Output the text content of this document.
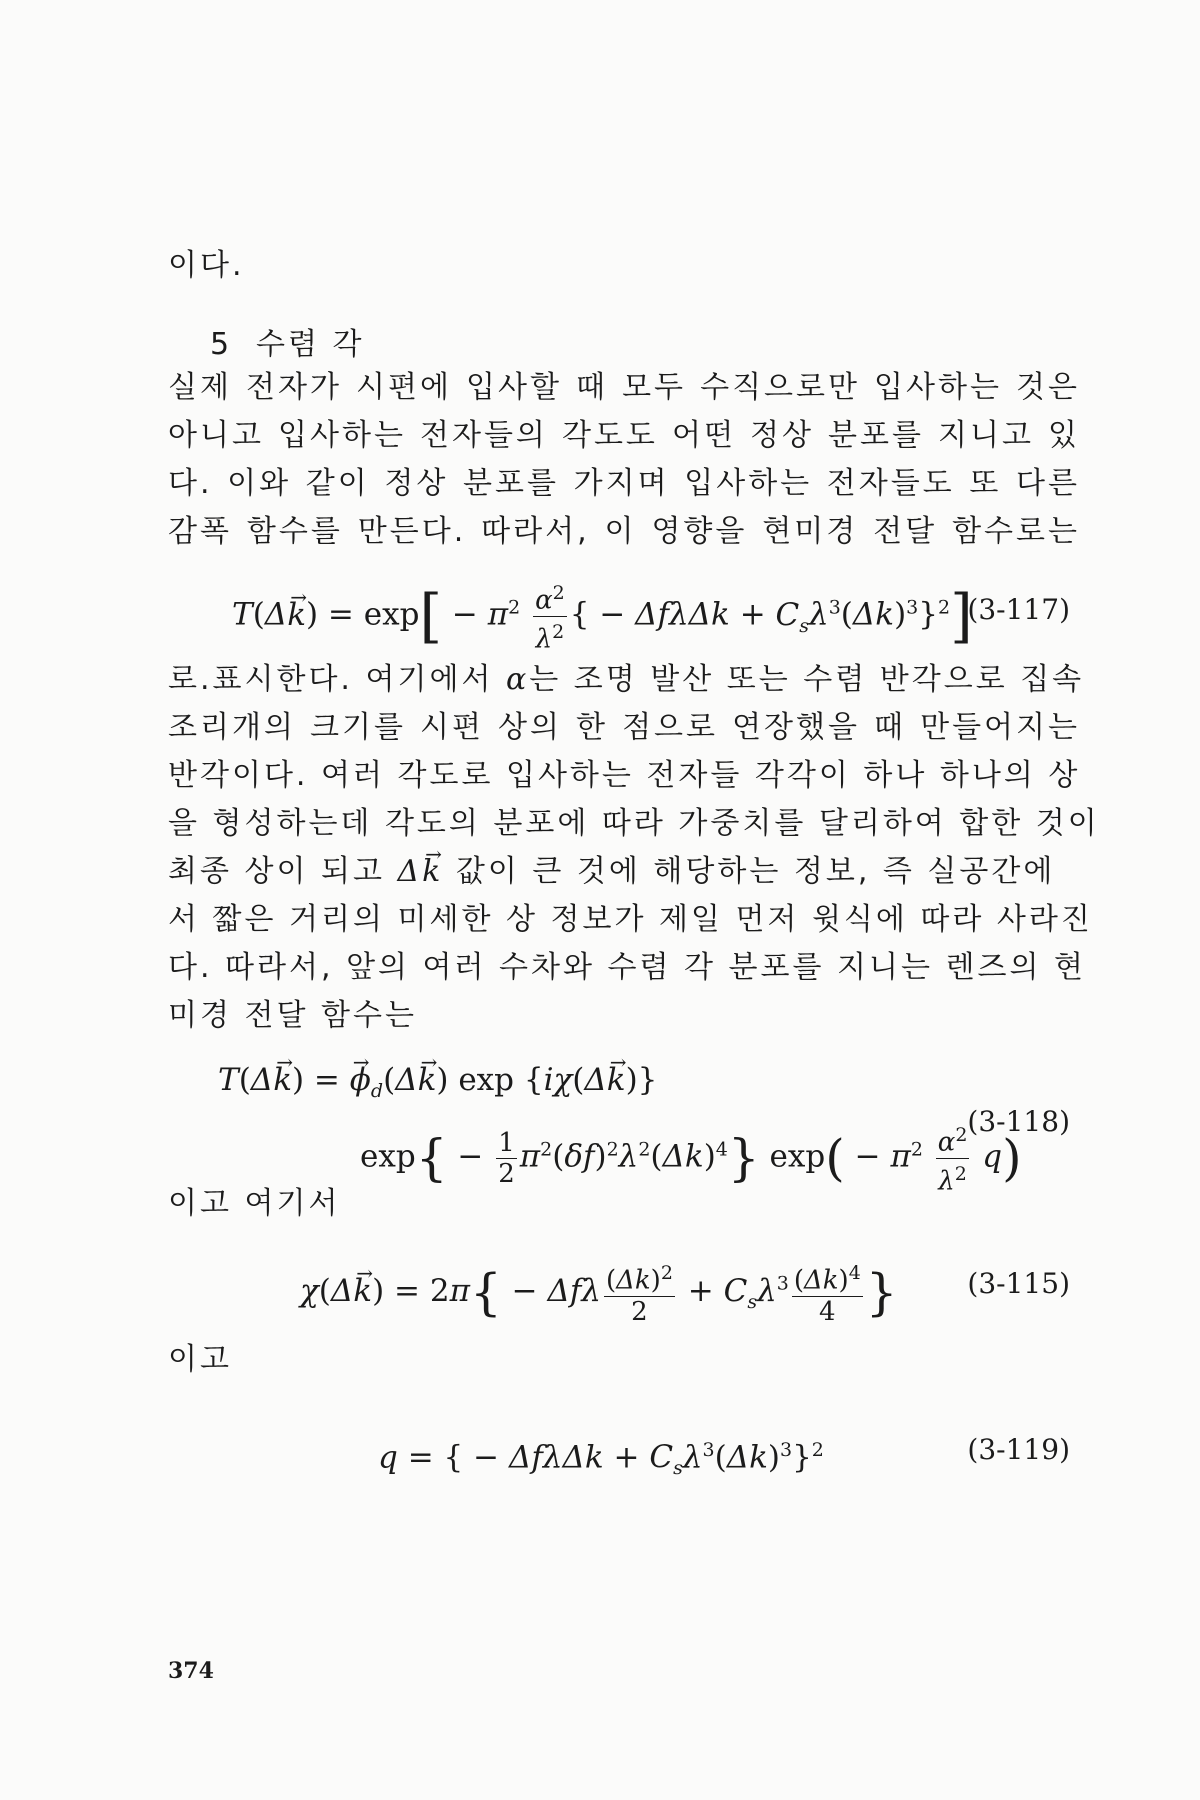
이다.
5 수렴 각
실제 전자가 시편에 입사할 때 모두 수직으로만 입사하는 것은
아니고 입사하는 전자들의 각도도 어떤 정상 분포를 지니고 있
다. 이와 같이 정상 분포를 가지며 입사하는 전자들도 또 다른
감폭 함수를 만든다. 따라서, 이 영향을 현미경 전달 함수로는
T(Δk →) = $\exp[ - \pi^2 \frac{\alpha^2}{\lambda^2}$ { − $\Delta f\lambda\Delta k + C_s\lambda^3(\Delta k)^3\}^2$]
(3-117)
로.표시한다. 여기에서 α는 조명 발산 또는 수렴 반각으로 집속
조리개의 크기를 시편 상의 한 점으로 연장했을 때 만들어지는
반각이다. 여러 각도로 입사하는 전자들 각각이 하나 하나의 상
을 형성하는데 각도의 분포에 따라 가중치를 달리하여 합한 것이
최종 상이 되고 Δk → 값이 큰 것에 해당하는 정보, 즉 실공간에
서 짧은 거리의 미세한 상 정보가 제일 먼저 윗식에 따라 사라진
다. 따라서, 앞의 여러 수차와 수렴 각 분포를 지니는 렌즈의 현
미경 전달 함수는
T(Δk →) = $\phi \to_d(\Delta k$ →) exp {iχ(Δk →)}
$\exp\{ - \frac{1}{2} \pi^2(\delta f)^2\lambda^2(\Delta k)^4\}$ $\exp( - \pi^2 \frac{\alpha^2}{\lambda^2} q)$
(3-118)
이고 여기서
χ(Δk →) = 2π{ − Δfλ $\frac{(\Delta k)^2}{2} + C_s\lambda^3 \frac{(\Delta k)^4}{4}$ } (3-115)
이고
q = { − $\Delta f\lambda\Delta k + C_s\lambda^3(\Delta k)^3\}^2$	(3-119)
374
